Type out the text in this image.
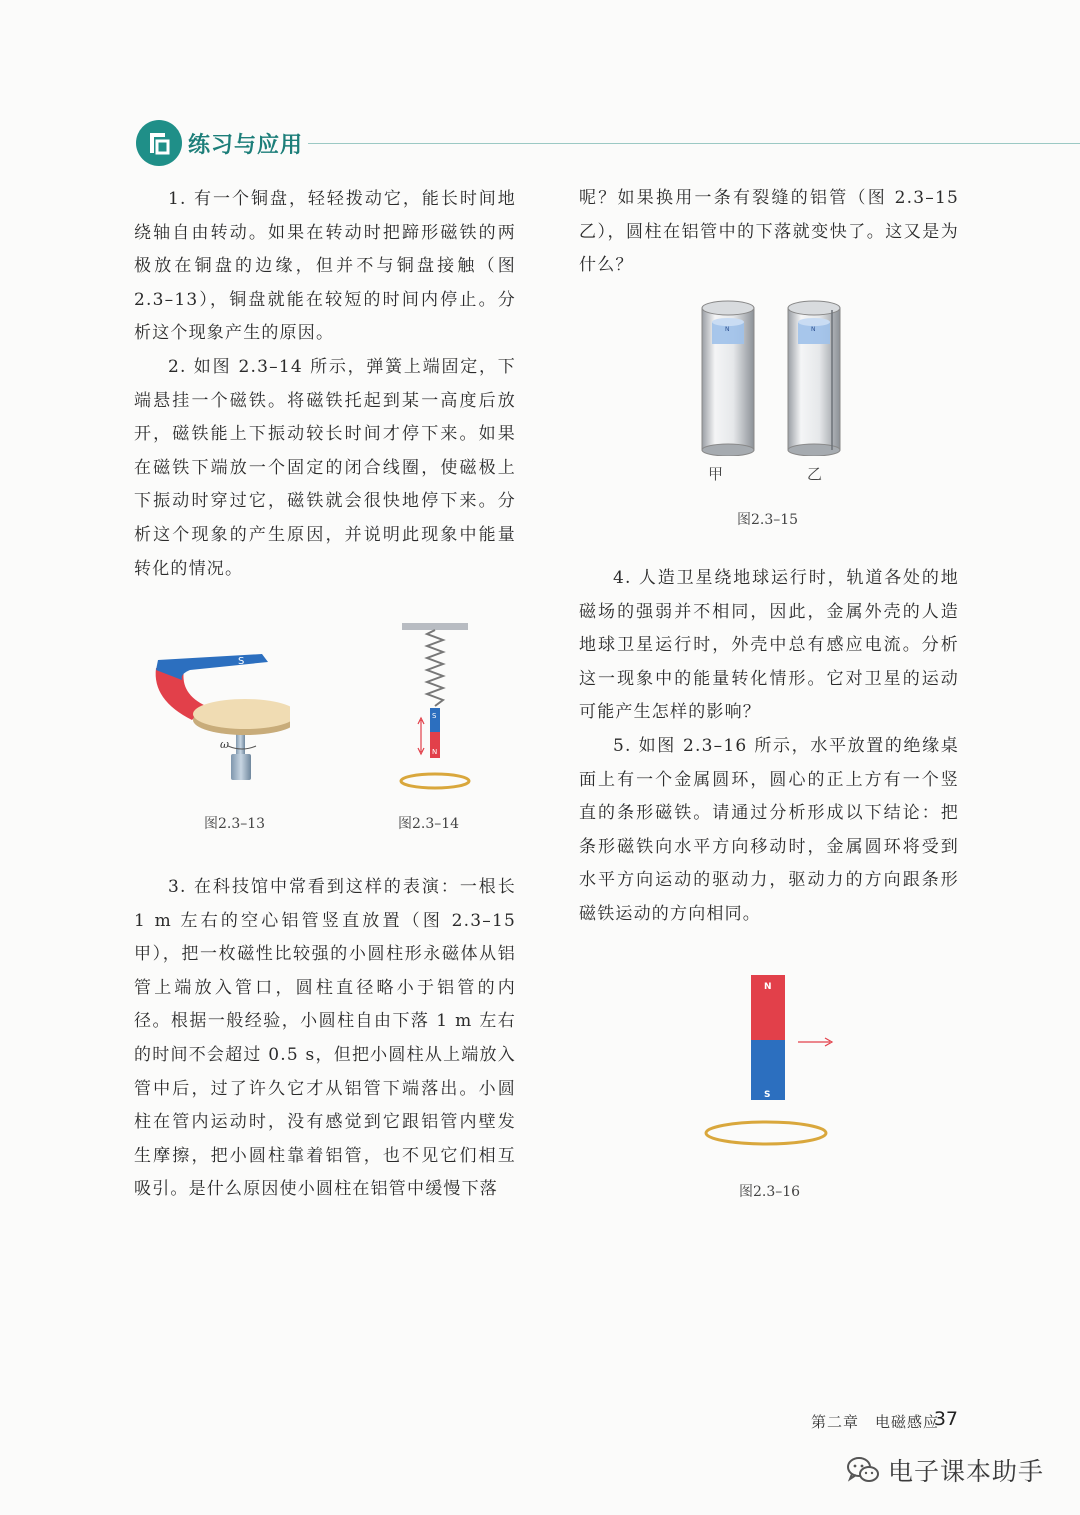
练习与应用

1. 有一个铜盘，轻轻拨动它，能长时间地绕轴自由转动。如果在转动时把蹄形磁铁的两极放在铜盘的边缘，但并不与铜盘接触（图 2.3–13），铜盘就能在较短的时间内停止。分析这个现象产生的原因。

2. 如图 2.3–14 所示，弹簧上端固定，下端悬挂一个磁铁。将磁铁托起到某一高度后放开，磁铁能上下振动较长时间才停下来。如果在磁铁下端放一个固定的闭合线圈，使磁极上下振动时穿过它，磁铁就会很快地停下来。分析这个现象的产生原因，并说明此现象中能量转化的情况。

S
ω
图2.3–13
S
N
图2.3–14

3. 在科技馆中常看到这样的表演：一根长 1 m 左右的空心铝管竖直放置（图 2.3–15 甲），把一枚磁性比较强的小圆柱形永磁体从铝管上端放入管口，圆柱直径略小于铝管的内径。根据一般经验，小圆柱自由下落 1 m 左右的时间不会超过 0.5 s，但把小圆柱从上端放入管中后，过了许久它才从铝管下端落出。小圆柱在管内运动时，没有感觉到它跟铝管内壁发生摩擦，把小圆柱靠着铝管，也不见它们相互吸引。是什么原因使小圆柱在铝管中缓慢下落

呢？如果换用一条有裂缝的铝管（图 2.3–15 乙），圆柱在铝管中的下落就变快了。这又是为什么？

N	N
甲	乙
图2.3–15

4. 人造卫星绕地球运行时，轨道各处的地磁场的强弱并不相同，因此，金属外壳的人造地球卫星运行时，外壳中总有感应电流。分析这一现象中的能量转化情形。它对卫星的运动可能产生怎样的影响？

5. 如图 2.3–16 所示，水平放置的绝缘桌面上有一个金属圆环，圆心的正上方有一个竖直的条形磁铁。请通过分析形成以下结论：把条形磁铁向水平方向移动时，金属圆环将受到水平方向运动的驱动力，驱动力的方向跟条形磁铁运动的方向相同。

N
S
图2.3–16
第二章　电磁感应
37
电子课本助手
